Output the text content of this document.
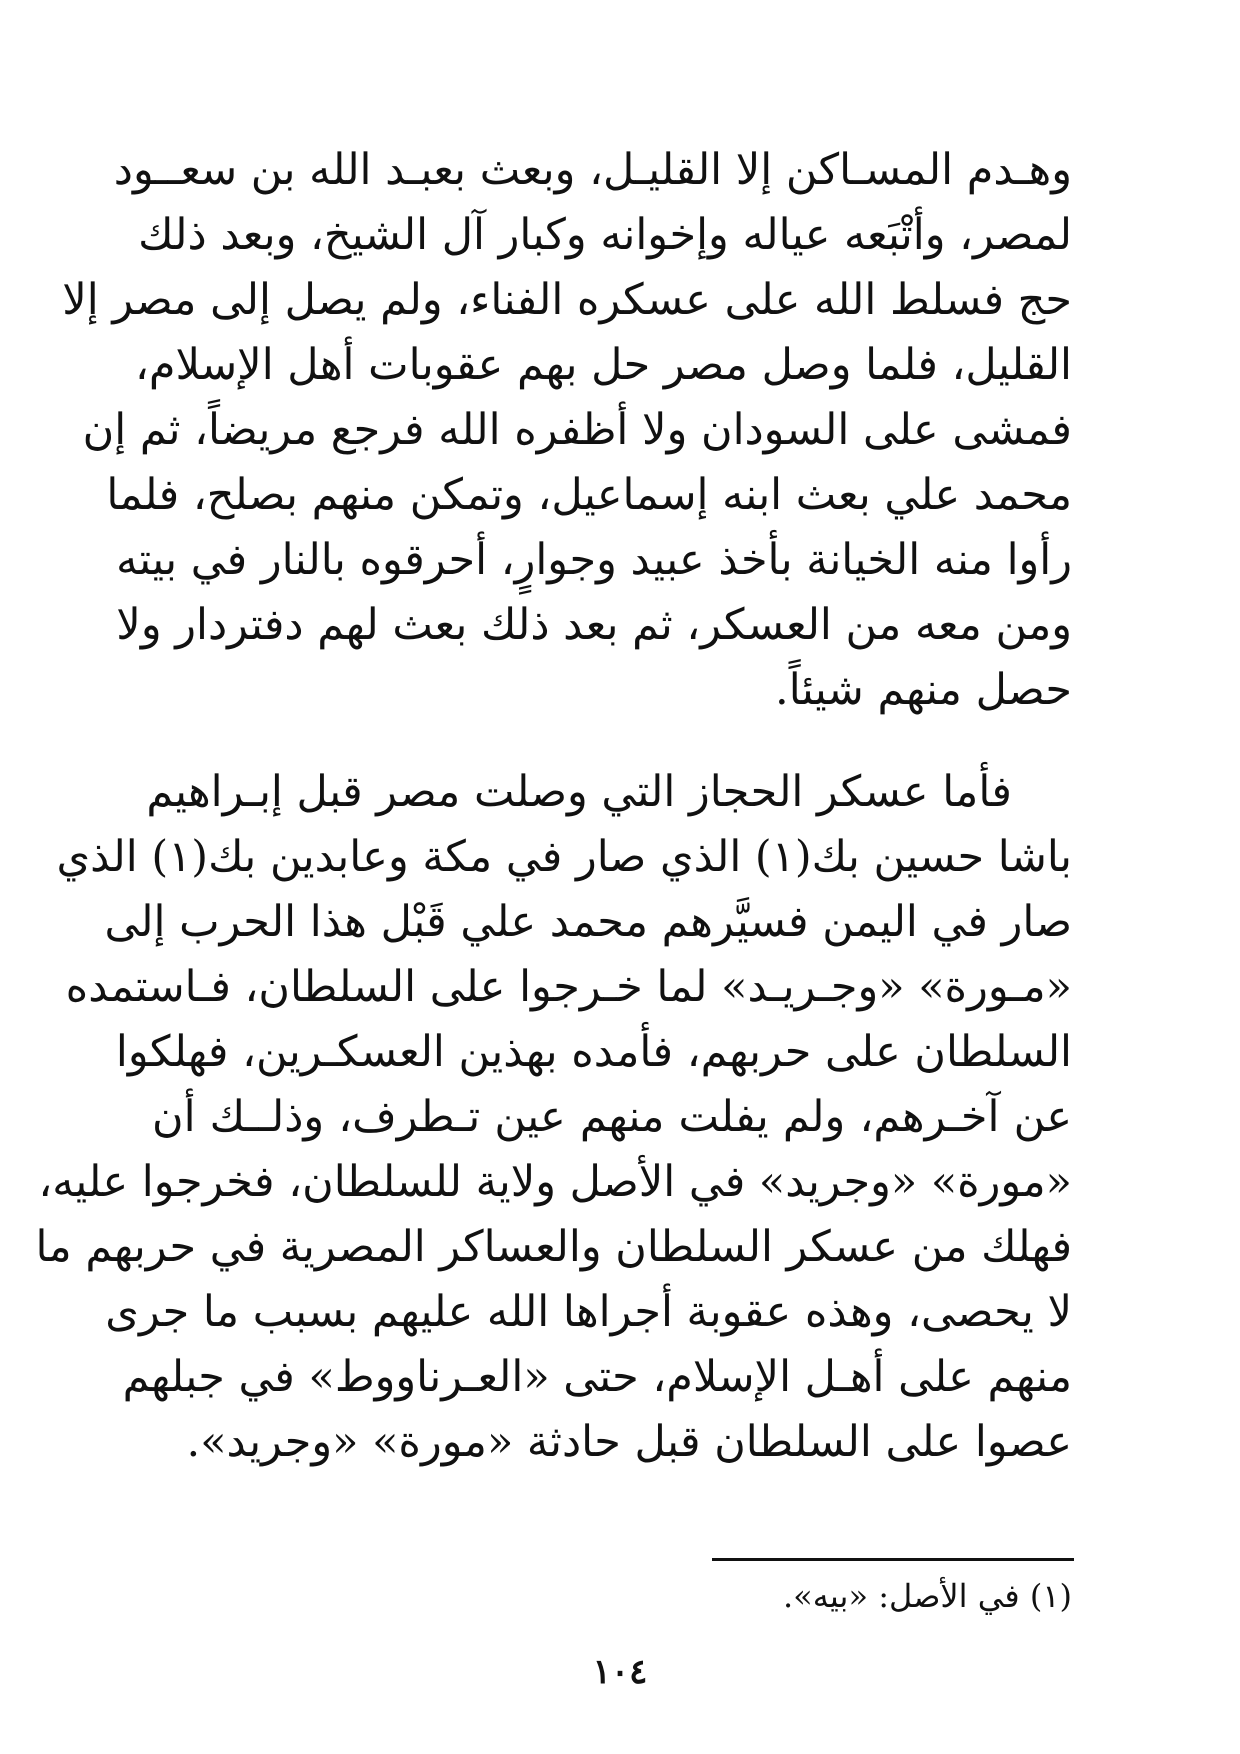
وهـدم المسـاكن إلا القليـل، وبعث بعبـد الله بن سعــود
لمصر، وأتْبَعه عياله وإخوانه وكبار آل الشيخ، وبعد ذلك
حج فسلط الله على عسكره الفناء، ولم يصل إلى مصر إلا
القليل، فلما وصل مصر حل بهم عقوبات أهل الإسلام،
فمشى على السودان ولا أظفره الله فرجع مريضاً، ثم إن
محمد علي بعث ابنه إسماعيل، وتمكن منهم بصلح، فلما
رأوا منه الخيانة بأخذ عبيد وجوارٍ، أحرقوه بالنار في بيته
ومن معه من العسكر، ثم بعد ذلك بعث لهم دفتردار ولا
حصل منهم شيئاً.
فأما عسكر الحجاز التي وصلت مصر قبل إبـراهيم
باشا حسين بك(١) الذي صار في مكة وعابدين بك(١) الذي
صار في اليمن فسيَّرهم محمد علي قَبْل هذا الحرب إلى
«مـورة» «وجـريـد» لما خـرجوا على السلطان، فـاستمده
السلطان على حربهم، فأمده بهذين العسكـرين، فهلكوا
عن آخـرهم، ولم يفلت منهم عين تـطرف، وذلــك أن
«مورة» «وجريد» في الأصل ولاية للسلطان، فخرجوا عليه،
فهلك من عسكر السلطان والعساكر المصرية في حربهم ما
لا يحصى، وهذه عقوبة أجراها الله عليهم بسبب ما جرى
منهم على أهـل الإسلام، حتى «العـرناووط» في جبلهم
عصوا على السلطان قبل حادثة «مورة» «وجريد».
(١) في الأصل: «بيه».
١٠٤
